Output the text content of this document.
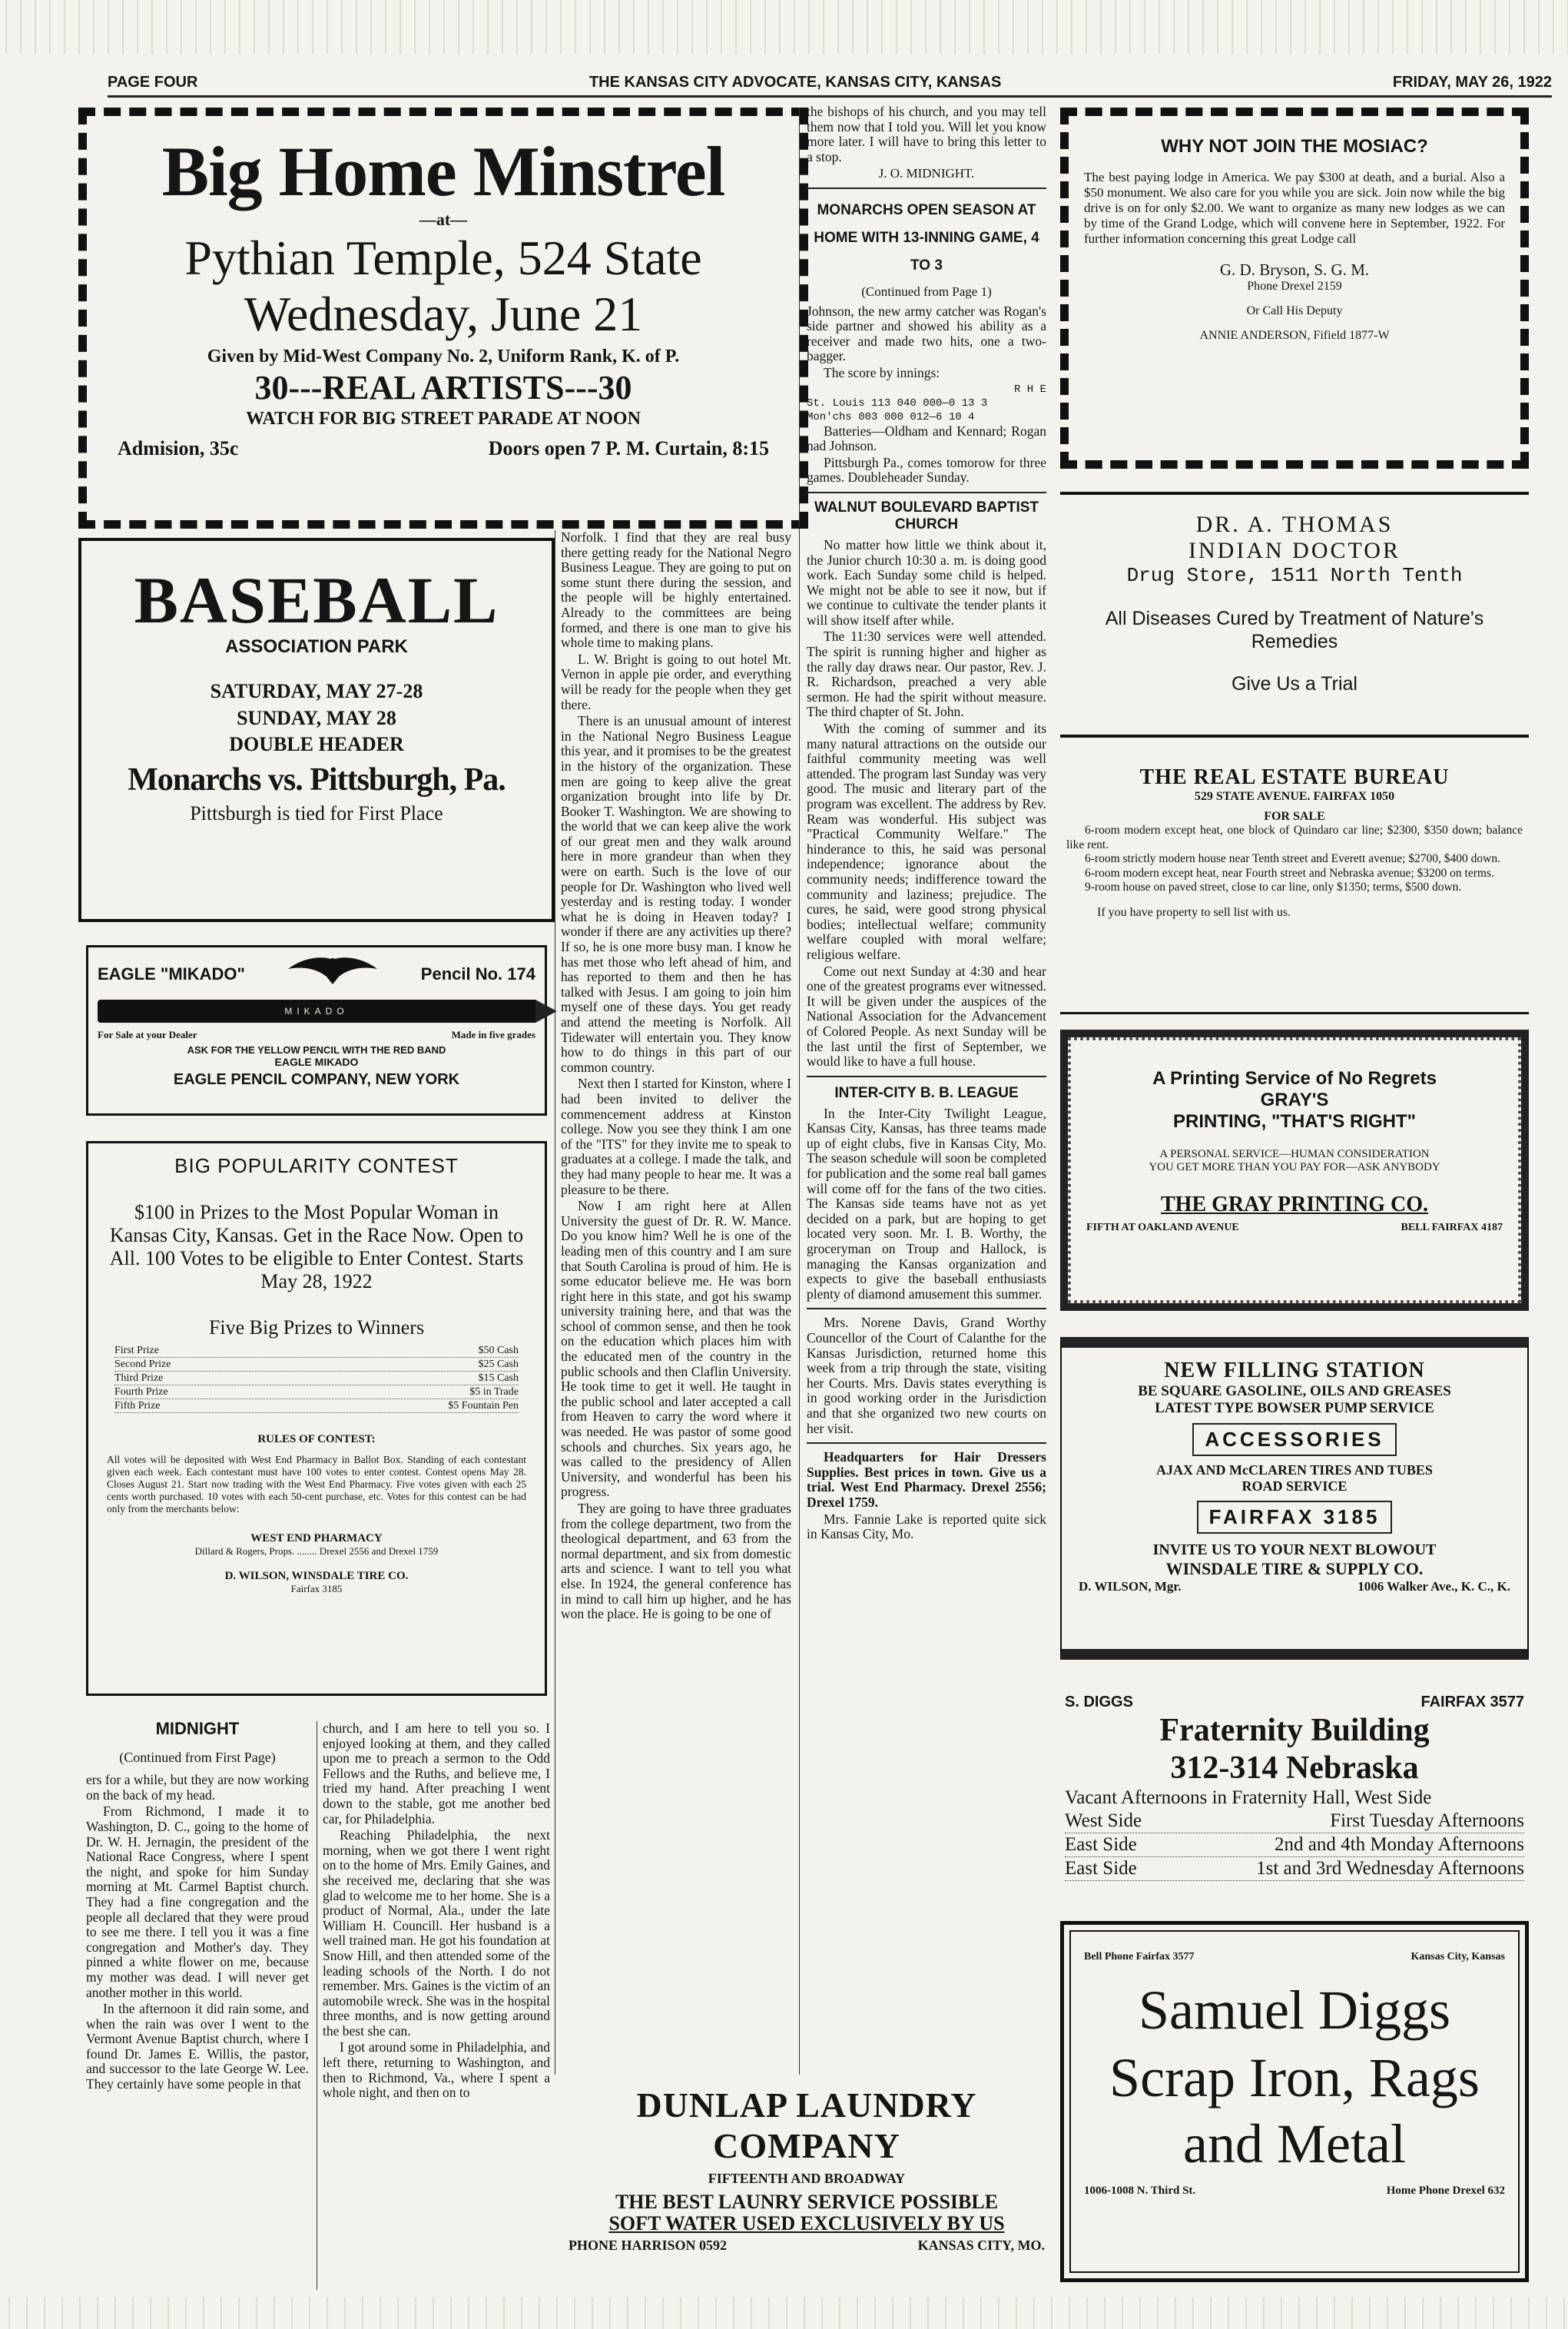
PAGE FOUR	THE KANSAS CITY ADVOCATE, KANSAS CITY, KANSAS	FRIDAY, MAY 26, 1922
Big Home Minstrel
—at—
Pythian Temple, 524 State
Wednesday, June 21
Given by Mid-West Company No. 2, Uniform Rank, K. of P.
30---REAL ARTISTS---30
WATCH FOR BIG STREET PARADE AT NOON
Admision, 35c	Doors open 7 P. M. Curtain, 8:15
BASEBALL
ASSOCIATION PARK
SATURDAY, MAY 27-28
SUNDAY, MAY 28
DOUBLE HEADER
Monarchs vs. Pittsburgh, Pa.
Pittsburgh is tied for First Place
EAGLE "MIKADO"	Pencil No. 174
MIKADO
For Sale at your Dealer	Made in five grades
ASK FOR THE YELLOW PENCIL WITH THE RED BAND
EAGLE MIKADO
EAGLE PENCIL COMPANY, NEW YORK
BIG POPULARITY CONTEST
$100 in Prizes to the Most Popular Woman in Kansas City, Kansas. Get in the Race Now. Open to All. 100 Votes to be eligible to Enter Contest. Starts May 28, 1922
Five Big Prizes to Winners
First Prize	$50 Cash
Second Prize	$25 Cash
Third Prize	$15 Cash
Fourth Prize	$5 in Trade
Fifth Prize	$5 Fountain Pen
RULES OF CONTEST:
All votes will be deposited with West End Pharmacy in Ballot Box. Standing of each contestant given each week. Each contestant must have 100 votes to enter contest. Contest opens May 28. Closes August 21. Start now trading with the West End Pharmacy. Five votes given with each 25 cents worth purchased. 10 votes with each 50-cent purchase, etc. Votes for this contest can be had only from the merchants below:
WEST END PHARMACY
Dillard & Rogers, Props. ........ Drexel 2556 and Drexel 1759
D. WILSON, WINSDALE TIRE CO.
Fairfax 3185
MIDNIGHT
(Continued from First Page)

ers for a while, but they are now working on the back of my head.

From Richmond, I made it to Washington, D. C., going to the home of Dr. W. H. Jernagin, the president of the National Race Congress, where I spent the night, and spoke for him Sunday morning at Mt. Carmel Baptist church. They had a fine congregation and the people all declared that they were proud to see me there. I tell you it was a fine congregation and Mother's day. They pinned a white flower on me, because my mother was dead. I will never get another mother in this world.

In the afternoon it did rain some, and when the rain was over I went to the Vermont Avenue Baptist church, where I found Dr. James E. Willis, the pastor, and successor to the late George W. Lee. They certainly have some people in that

church, and I am here to tell you so. I enjoyed looking at them, and they called upon me to preach a sermon to the Odd Fellows and the Ruths, and believe me, I tried my hand. After preaching I went down to the stable, got me another bed car, for Philadelphia.

Reaching Philadelphia, the next morning, when we got there I went right on to the home of Mrs. Emily Gaines, and she received me, declaring that she was glad to welcome me to her home. She is a product of Normal, Ala., under the late William H. Councill. Her husband is a well trained man. He got his foundation at Snow Hill, and then attended some of the leading schools of the North. I do not remember. Mrs. Gaines is the victim of an automobile wreck. She was in the hospital three months, and is now getting around the best she can.

I got around some in Philadelphia, and left there, returning to Washington, and then to Richmond, Va., where I spent a whole night, and then on to

Norfolk. I find that they are real busy there getting ready for the National Negro Business League. They are going to put on some stunt there during the session, and the people will be highly entertained. Already to the committees are being formed, and there is one man to give his whole time to making plans.

L. W. Bright is going to out hotel Mt. Vernon in apple pie order, and everything will be ready for the people when they get there.

There is an unusual amount of interest in the National Negro Business League this year, and it promises to be the greatest in the history of the organization. These men are going to keep alive the great organization brought into life by Dr. Booker T. Washington. We are showing to the world that we can keep alive the work of our great men and they walk around here in more grandeur than when they were on earth. Such is the love of our people for Dr. Washington who lived well yesterday and is resting today. I wonder what he is doing in Heaven today? I wonder if there are any activities up there? If so, he is one more busy man. I know he has met those who left ahead of him, and has reported to them and then he has talked with Jesus. I am going to join him myself one of these days. You get ready and attend the meeting is Norfolk. All Tidewater will entertain you. They know how to do things in this part of our common country.

Next then I started for Kinston, where I had been invited to deliver the commencement address at Kinston college. Now you see they think I am one of the "ITS" for they invite me to speak to graduates at a college. I made the talk, and they had many people to hear me. It was a pleasure to be there.

Now I am right here at Allen University the guest of Dr. R. W. Mance. Do you know him? Well he is one of the leading men of this country and I am sure that South Carolina is proud of him. He is some educator believe me. He was born right here in this state, and got his swamp university training here, and that was the school of common sense, and then he took on the education which places him with the educated men of the country in the public schools and then Claflin University. He took time to get it well. He taught in the public school and later accepted a call from Heaven to carry the word where it was needed. He was pastor of some good schools and churches. Six years ago, he was called to the presidency of Allen University, and wonderful has been his progress.

They are going to have three graduates from the college department, two from the theological department, and 63 from the normal department, and six from domestic arts and science. I want to tell you what else. In 1924, the general conference has in mind to call him up higher, and he has won the place. He is going to be one of

the bishops of his church, and you may tell them now that I told you. Will let you know more later. I will have to bring this letter to a stop.

J. O. MIDNIGHT.
MONARCHS OPEN SEASON AT HOME WITH 13-INNING GAME, 4 TO 3
(Continued from Page 1)

Johnson, the new army catcher was Rogan's side partner and showed his ability as a receiver and made two hits, one a two-bagger.

The score by innings:

R H E
St. Louis 113 040 000—0 13 3
Mon'chs 003 000 012—6 10 4

Batteries—Oldham and Kennard; Rogan nad Johnson.

Pittsburgh Pa., comes tomorow for three games. Doubleheader Sunday.

WALNUT BOULEVARD BAPTIST CHURCH

No matter how little we think about it, the Junior church 10:30 a. m. is doing good work. Each Sunday some child is helped. We might not be able to see it now, but if we continue to cultivate the tender plants it will show itself after while.

The 11:30 services were well attended. The spirit is running higher and higher as the rally day draws near. Our pastor, Rev. J. R. Richardson, preached a very able sermon. He had the spirit without measure. The third chapter of St. John.

With the coming of summer and its many natural attractions on the outside our faithful community meeting was well attended. The program last Sunday was very good. The music and literary part of the program was excellent. The address by Rev. Ream was wonderful. His subject was "Practical Community Welfare." The hinderance to this, he said was personal independence; ignorance about the community needs; indifference toward the community and laziness; prejudice. The cures, he said, were good strong physical bodies; intellectual welfare; community welfare coupled with moral welfare; religious welfare.

Come out next Sunday at 4:30 and hear one of the greatest programs ever witnessed. It will be given under the auspices of the National Association for the Advancement of Colored People. As next Sunday will be the last until the first of September, we would like to have a full house.

INTER-CITY B. B. LEAGUE

In the Inter-City Twilight League, Kansas City, Kansas, has three teams made up of eight clubs, five in Kansas City, Mo. The season schedule will soon be completed for publication and the some real ball games will come off for the fans of the two cities. The Kansas side teams have not as yet decided on a park, but are hoping to get located very soon. Mr. I. B. Worthy, the groceryman on Troup and Hallock, is managing the Kansas organization and expects to give the baseball enthusiasts plenty of diamond amusement this summer.

Mrs. Norene Davis, Grand Worthy Councellor of the Court of Calanthe for the Kansas Jurisdiction, returned home this week from a trip through the state, visiting her Courts. Mrs. Davis states everything is in good working order in the Jurisdiction and that she organized two new courts on her visit.

Headquarters for Hair Dressers Supplies. Best prices in town. Give us a trial. West End Pharmacy. Drexel 2556; Drexel 1759.

Mrs. Fannie Lake is reported quite sick in Kansas City, Mo.

DUNLAP LAUNDRY
COMPANY
FIFTEENTH AND BROADWAY
THE BEST LAUNRY SERVICE POSSIBLE
SOFT WATER USED EXCLUSIVELY BY US
PHONE HARRISON 0592	KANSAS CITY, MO.
WHY NOT JOIN THE MOSIAC?
The best paying lodge in America. We pay $300 at death, and a burial. Also a $50 monument. We also care for you while you are sick. Join now while the big drive is on for only $2.00. We want to organize as many new lodges as we can by time of the Grand Lodge, which will convene here in September, 1922. For further information concerning this great Lodge call
G. D. Bryson, S. G. M.
Phone Drexel 2159
Or Call His Deputy
ANNIE ANDERSON, Fifield 1877-W
DR. A. THOMAS
INDIAN DOCTOR
Drug Store, 1511 North Tenth
All Diseases Cured by Treatment of Nature's Remedies
Give Us a Trial
THE REAL ESTATE BUREAU
529 STATE AVENUE. FAIRFAX 1050
FOR SALE

6-room modern except heat, one block of Quindaro car line; $2300, $350 down; balance like rent.

6-room strictly modern house near Tenth street and Everett avenue; $2700, $400 down.

6-room modern except heat, near Fourth street and Nebraska avenue; $3200 on terms.

9-room house on paved street, close to car line, only $1350; terms, $500 down.

If you have property to sell list with us.
A Printing Service of No Regrets
GRAY'S
PRINTING, "THAT'S RIGHT"
A PERSONAL SERVICE—HUMAN CONSIDERATION
YOU GET MORE THAN YOU PAY FOR—ASK ANYBODY
THE GRAY PRINTING CO.
FIFTH AT OAKLAND AVENUE	BELL FAIRFAX 4187
NEW FILLING STATION
BE SQUARE GASOLINE, OILS AND GREASES
LATEST TYPE BOWSER PUMP SERVICE
ACCESSORIES
AJAX AND McCLAREN TIRES AND TUBES
ROAD SERVICE
FAIRFAX 3185
INVITE US TO YOUR NEXT BLOWOUT
WINSDALE TIRE & SUPPLY CO.
D. WILSON, Mgr.	1006 Walker Ave., K. C., K.
S. DIGGS	FAIRFAX 3577
Fraternity Building
312-314 Nebraska
Vacant Afternoons in Fraternity Hall, West Side
West Side	First Tuesday Afternoons
East Side	2nd and 4th Monday Afternoons
East Side	1st and 3rd Wednesday Afternoons
Bell Phone Fairfax 3577	Kansas City, Kansas
Samuel Diggs
Scrap Iron, Rags
and Metal
1006-1008 N. Third St.	Home Phone Drexel 632
